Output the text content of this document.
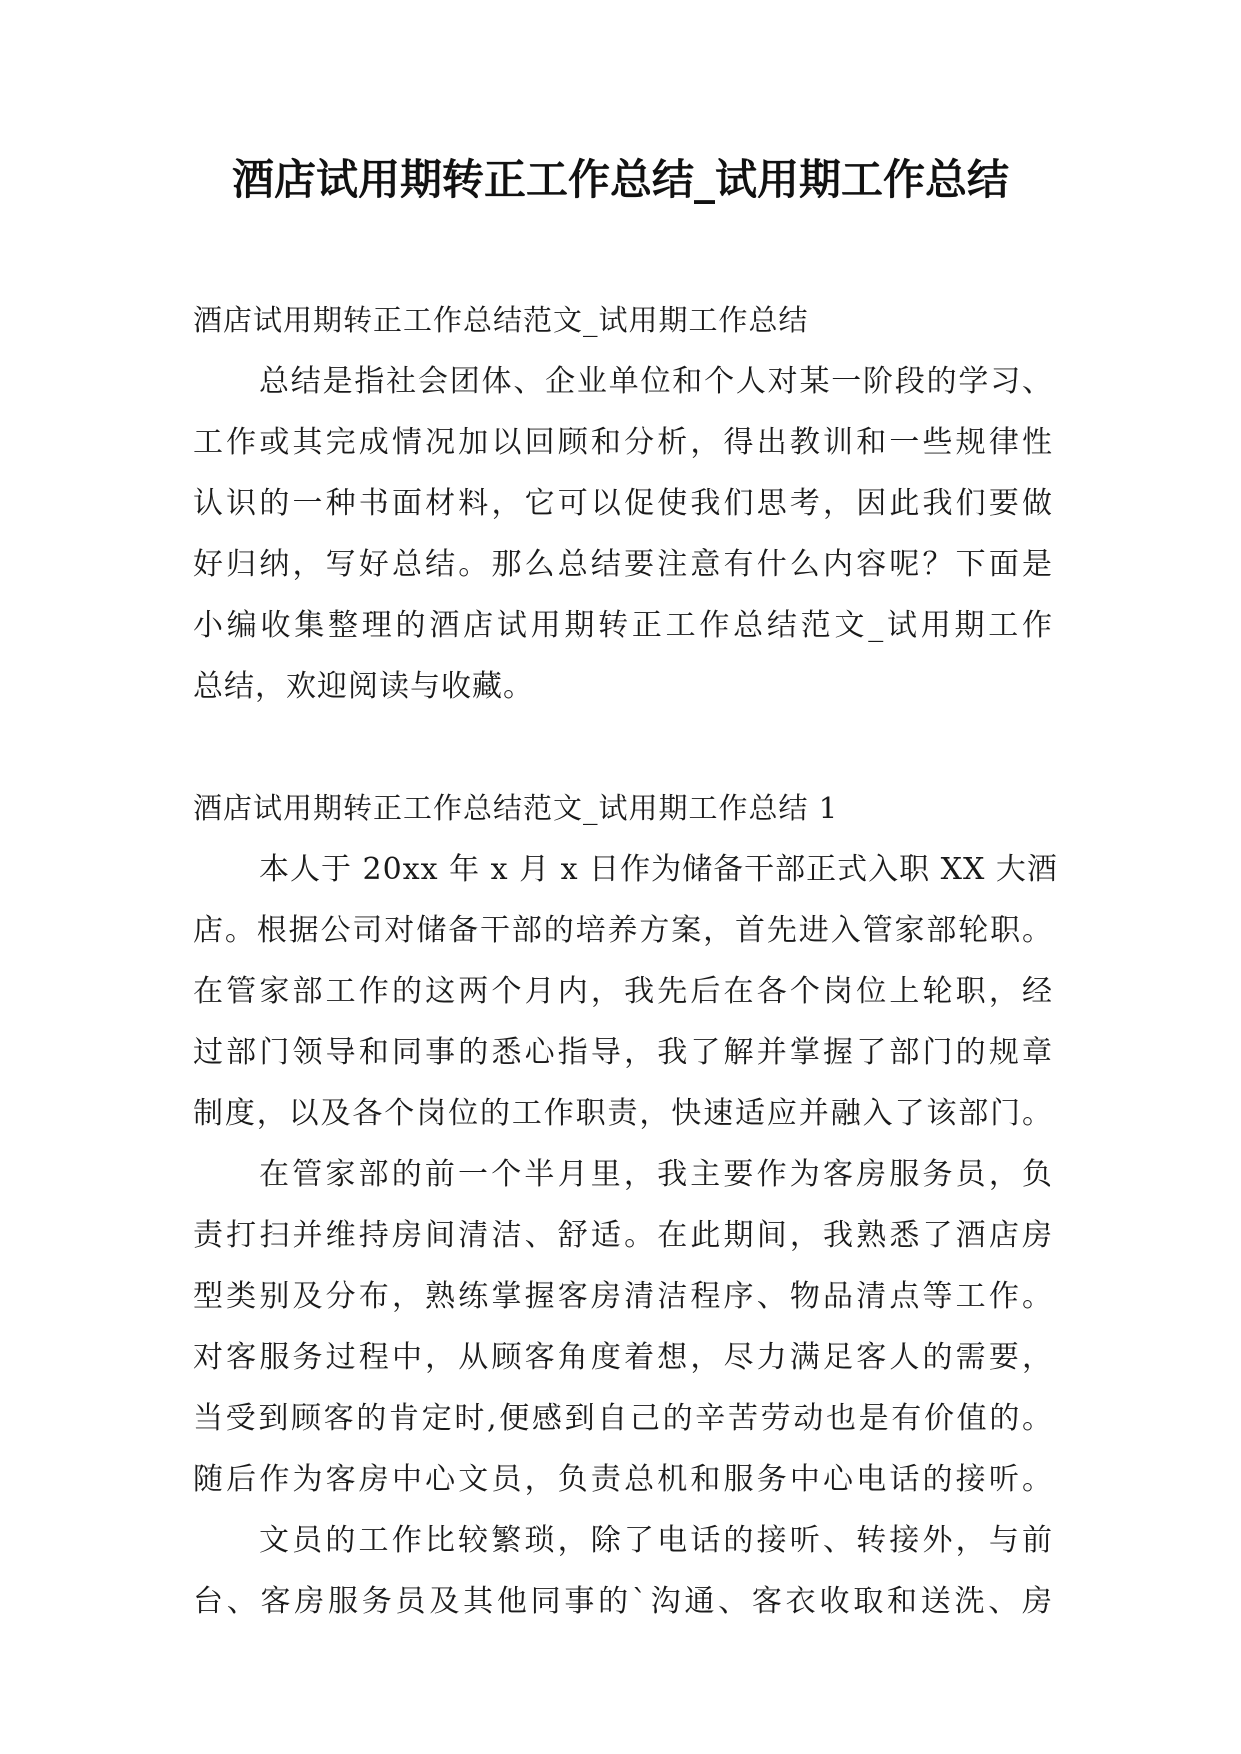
酒店试用期转正工作总结_试用期工作总结
酒店试用期转正工作总结范文_试用期工作总结
总结是指社会团体、企业单位和个人对某一阶段的学习、
工作或其完成情况加以回顾和分析，得出教训和一些规律性
认识的一种书面材料，它可以促使我们思考，因此我们要做
好归纳，写好总结。那么总结要注意有什么内容呢？下面是
小编收集整理的酒店试用期转正工作总结范文_试用期工作
总结，欢迎阅读与收藏。
酒店试用期转正工作总结范文_试用期工作总结 1
本人于 20xx 年 x 月 x 日作为储备干部正式入职 XX 大酒
店。根据公司对储备干部的培养方案，首先进入管家部轮职。
在管家部工作的这两个月内，我先后在各个岗位上轮职，经
过部门领导和同事的悉心指导，我了解并掌握了部门的规章
制度，以及各个岗位的工作职责，快速适应并融入了该部门。
在管家部的前一个半月里，我主要作为客房服务员，负
责打扫并维持房间清洁、舒适。在此期间，我熟悉了酒店房
型类别及分布，熟练掌握客房清洁程序、物品清点等工作。
对客服务过程中，从顾客角度着想，尽力满足客人的需要，
当受到顾客的肯定时,便感到自己的辛苦劳动也是有价值的。
随后作为客房中心文员，负责总机和服务中心电话的接听。
文员的工作比较繁琐，除了电话的接听、转接外，与前
台、客房服务员及其他同事的`沟通、客衣收取和送洗、房
